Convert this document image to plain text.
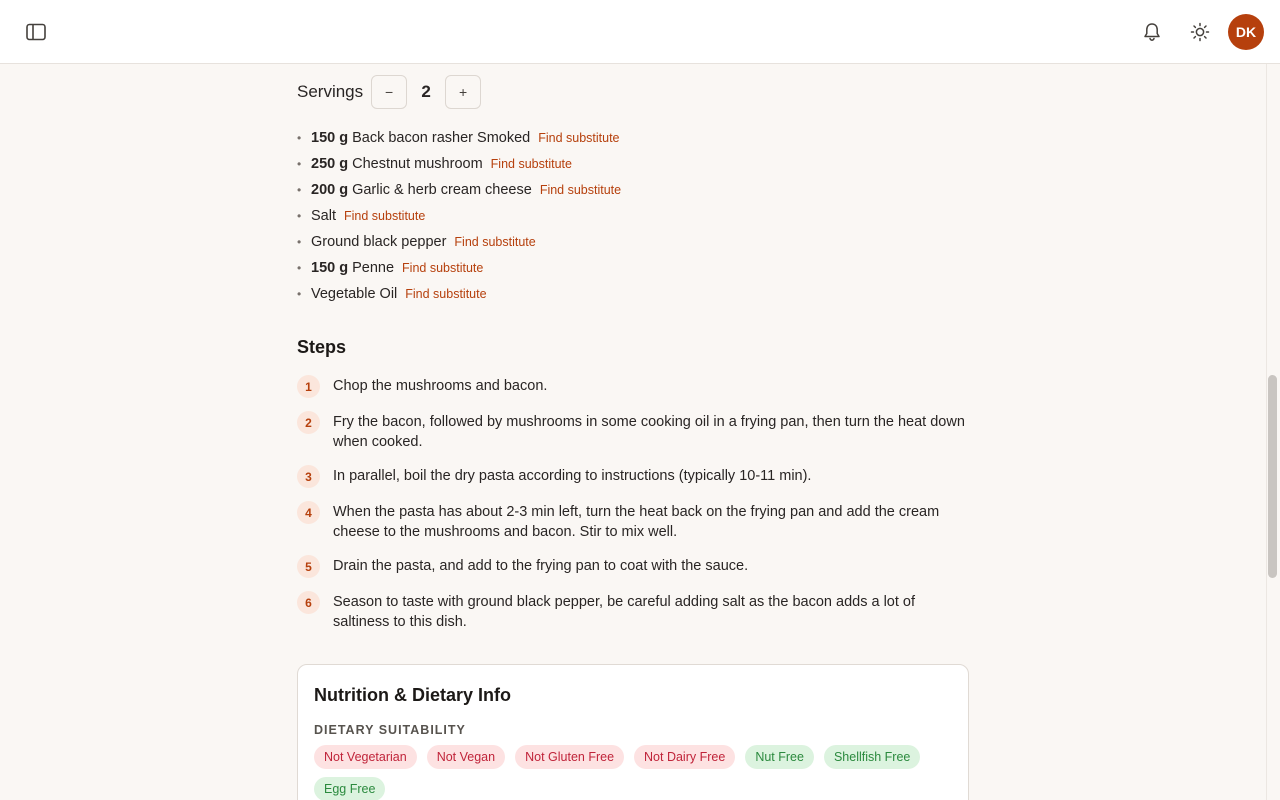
DK
Servings	−	2	+
• 150 g Back bacon rasher Smoked Find substitute
• 250 g Chestnut mushroom Find substitute
• 200 g Garlic & herb cream cheese Find substitute
• Salt Find substitute
• Ground black pepper Find substitute
• 150 g Penne Find substitute
• Vegetable Oil Find substitute
Steps
1	Chop the mushrooms and bacon.
2	Fry the bacon, followed by mushrooms in some cooking oil in a frying pan, then turn the heat down when cooked.
3	In parallel, boil the dry pasta according to instructions (typically 10-11 min).
4	When the pasta has about 2-3 min left, turn the heat back on the frying pan and add the cream cheese to the mushrooms and bacon. Stir to mix well.
5	Drain the pasta, and add to the frying pan to coat with the sauce.
6	Season to taste with ground black pepper, be careful adding salt as the bacon adds a lot of saltiness to this dish.
Nutrition & Dietary Info
DIETARY SUITABILITY
Not Vegetarian	Not Vegan	Not Gluten Free	Not Dairy Free	Nut Free	Shellfish Free
Egg Free
